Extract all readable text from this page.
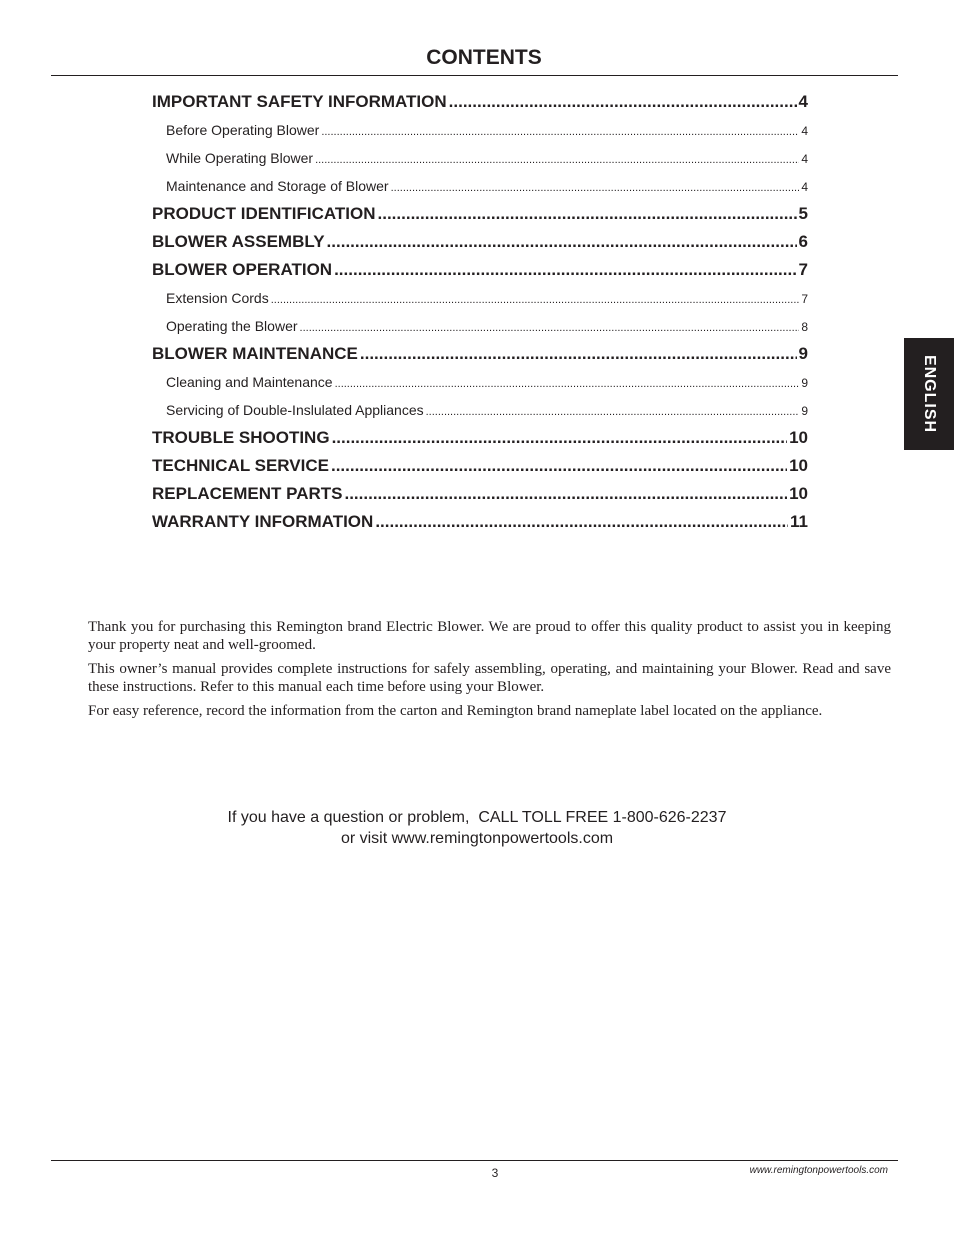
CONTENTS
IMPORTANT SAFETY INFORMATION .....	4
Before Operating Blower .....	4
While Operating Blower .....	4
Maintenance and Storage of Blower .....	4
PRODUCT IDENTIFICATION .....	5
BLOWER ASSEMBLY .....	6
BLOWER OPERATION .....	7
Extension Cords .....	7
Operating the Blower .....	8
BLOWER MAINTENANCE .....	9
Cleaning and Maintenance .....	9
Servicing of Double-Inslulated Appliances .....	9
TROUBLE SHOOTING .....	10
TECHNICAL SERVICE .....	10
REPLACEMENT PARTS .....	10
WARRANTY INFORMATION .....	11

Thank you for purchasing this Remington brand Electric Blower. We are proud to offer this quality product to assist you in keeping your property neat and well-groomed.

This owner’s manual provides complete instructions for safely assembling, operating, and maintaining your Blower. Read and save these instructions. Refer to this manual each time before using your Blower.

For easy reference, record the information from the carton and Remington brand nameplate label located on the appliance.

If you have a question or problem,  CALL TOLL FREE 1-800-626-2237
or visit www.remingtonpowertools.com
ENGLISH
3	www.remingtonpowertools.com
